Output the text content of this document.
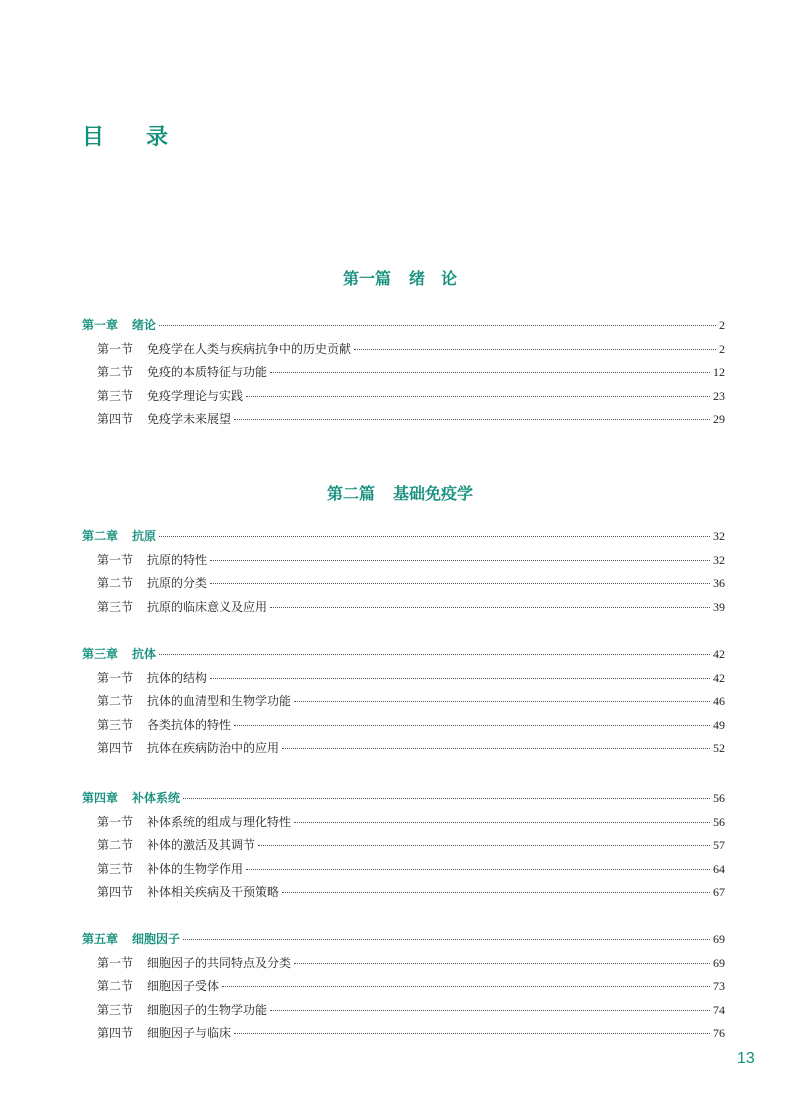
目 录
第一篇 绪　论
第一章 绪论	2
第一节 免疫学在人类与疾病抗争中的历史贡献	2
第二节 免疫的本质特征与功能	12
第三节 免疫学理论与实践	23
第四节 免疫学未来展望	29
第二篇 基础免疫学
第二章 抗原	32
第一节 抗原的特性	32
第二节 抗原的分类	36
第三节 抗原的临床意义及应用	39
第三章 抗体	42
第一节 抗体的结构	42
第二节 抗体的血清型和生物学功能	46
第三节 各类抗体的特性	49
第四节 抗体在疾病防治中的应用	52
第四章 补体系统	56
第一节 补体系统的组成与理化特性	56
第二节 补体的激活及其调节	57
第三节 补体的生物学作用	64
第四节 补体相关疾病及干预策略	67
第五章 细胞因子	69
第一节 细胞因子的共同特点及分类	69
第二节 细胞因子受体	73
第三节 细胞因子的生物学功能	74
第四节 细胞因子与临床	76
13
